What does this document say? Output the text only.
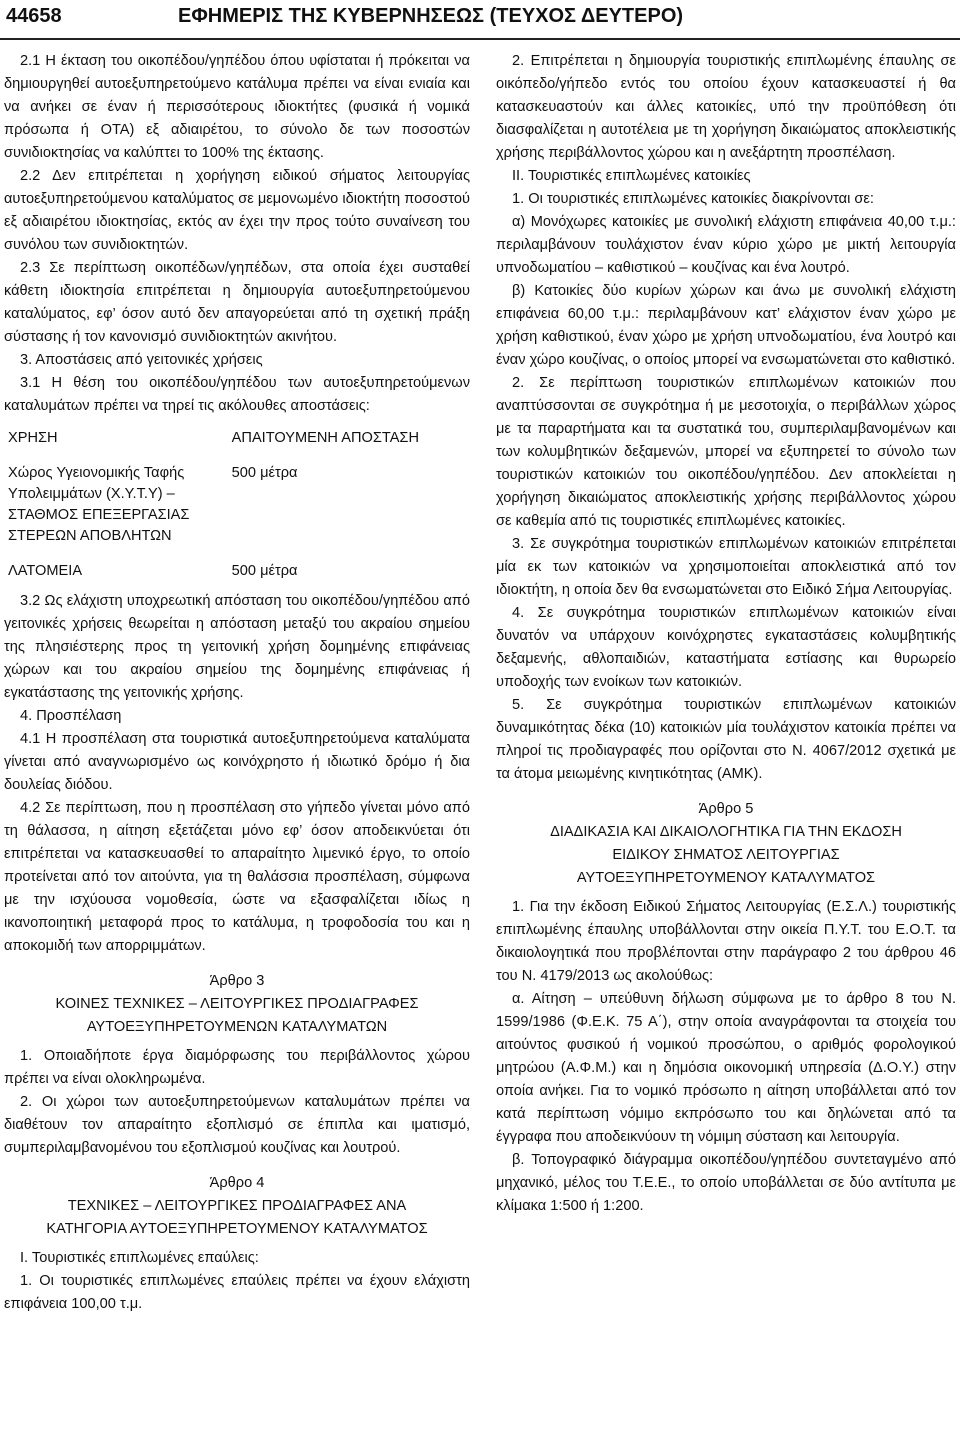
44658	ΕΦΗΜΕΡΙΣ ΤΗΣ ΚΥΒΕΡΝΗΣΕΩΣ (ΤΕΥΧΟΣ ΔΕΥΤΕΡΟ)

2.1 Η έκταση του οικοπέδου/γηπέδου όπου υφίσταται ή πρόκειται να δημιουργηθεί αυτοεξυπηρετούμενο κατάλυμα πρέπει να είναι ενιαία και να ανήκει σε έναν ή περισσότερους ιδιοκτήτες (φυσικά ή νομικά πρόσωπα ή ΟΤΑ) εξ αδιαιρέτου, το σύνολο δε των ποσοστών συνιδιοκτησίας να καλύπτει το 100% της έκτασης.

2.2 Δεν επιτρέπεται η χορήγηση ειδικού σήματος λειτουργίας αυτοεξυπηρετούμενου καταλύματος σε μεμονωμένο ιδιοκτήτη ποσοστού εξ αδιαιρέτου ιδιοκτησίας, εκτός αν έχει την προς τούτο συναίνεση του συνόλου των συνιδιοκτητών.

2.3 Σε περίπτωση οικοπέδων/γηπέδων, στα οποία έχει συσταθεί κάθετη ιδιοκτησία επιτρέπεται η δημιουργία αυτοεξυπηρετούμενου καταλύματος, εφ’ όσον αυτό δεν απαγορεύεται από τη σχετική πράξη σύστασης ή τον κανονισμό συνιδιοκτητών ακινήτου.

3. Αποστάσεις από γειτονικές χρήσεις

3.1 Η θέση του οικοπέδου/γηπέδου των αυτοεξυπηρετούμενων καταλυμάτων πρέπει να τηρεί τις ακόλουθες αποστάσεις:

ΧΡΗΣΗ	ΑΠΑΙΤΟΥΜΕΝΗ ΑΠΟΣΤΑΣΗ
Χώρος Υγειονομικής Ταφής Υπολειμμάτων (Χ.Υ.Τ.Υ) – ΣΤΑΘΜΟΣ ΕΠΕΞΕΡΓΑΣΙΑΣ ΣΤΕΡΕΩΝ ΑΠΟΒΛΗΤΩΝ	500 μέτρα
ΛΑΤΟΜΕΙΑ	500 μέτρα

3.2 Ως ελάχιστη υποχρεωτική απόσταση του οικοπέδου/γηπέδου από γειτονικές χρήσεις θεωρείται η απόσταση μεταξύ του ακραίου σημείου της πλησιέστερης προς τη γειτονική χρήση δομημένης επιφάνειας χώρων και του ακραίου σημείου της δομημένης επιφάνειας ή εγκατάστασης της γειτονικής χρήσης.

4. Προσπέλαση

4.1 Η προσπέλαση στα τουριστικά αυτοεξυπηρετούμενα καταλύματα γίνεται από αναγνωρισμένο ως κοινόχρηστο ή ιδιωτικό δρόμο ή δια δουλείας διόδου.

4.2 Σε περίπτωση, που η προσπέλαση στο γήπεδο γίνεται μόνο από τη θάλασσα, η αίτηση εξετάζεται μόνο εφ’ όσον αποδεικνύεται ότι επιτρέπεται να κατασκευασθεί το απαραίτητο λιμενικό έργο, το οποίο προτείνεται από τον αιτούντα, για τη θαλάσσια προσπέλαση, σύμφωνα με την ισχύουσα νομοθεσία, ώστε να εξασφαλίζεται ιδίως η ικανοποιητική μεταφορά προς το κατάλυμα, η τροφοδοσία του και η αποκομιδή των απορριμμάτων.

Άρθρο 3

ΚΟΙΝΕΣ ΤΕΧΝΙΚΕΣ – ΛΕΙΤΟΥΡΓΙΚΕΣ ΠΡΟΔΙΑΓΡΑΦΕΣ

ΑΥΤΟΕΞΥΠΗΡΕΤΟΥΜΕΝΩΝ ΚΑΤΑΛΥΜΑΤΩΝ

1. Οποιαδήποτε έργα διαμόρφωσης του περιβάλλοντος χώρου πρέπει να είναι ολοκληρωμένα.

2. Οι χώροι των αυτοεξυπηρετούμενων καταλυμάτων πρέπει να διαθέτουν τον απαραίτητο εξοπλισμό σε έπιπλα και ιματισμό, συμπεριλαμβανομένου του εξοπλισμού κουζίνας και λουτρού.

Άρθρο 4

ΤΕΧΝΙΚΕΣ – ΛΕΙΤΟΥΡΓΙΚΕΣ ΠΡΟΔΙΑΓΡΑΦΕΣ ΑΝΑ

ΚΑΤΗΓΟΡΙΑ ΑΥΤΟΕΞΥΠΗΡΕΤΟΥΜΕΝΟΥ ΚΑΤΑΛΥΜΑΤΟΣ

Ι. Τουριστικές επιπλωμένες επαύλεις:

1. Οι τουριστικές επιπλωμένες επαύλεις πρέπει να έχουν ελάχιστη επιφάνεια 100,00 τ.μ.

2. Επιτρέπεται η δημιουργία τουριστικής επιπλωμένης έπαυλης σε οικόπεδο/γήπεδο εντός του οποίου έχουν κατασκευαστεί ή θα κατασκευαστούν και άλλες κατοικίες, υπό την προϋπόθεση ότι διασφαλίζεται η αυτοτέλεια με τη χορήγηση δικαιώματος αποκλειστικής χρήσης περιβάλλοντος χώρου και η ανεξάρτητη προσπέλαση.

ΙΙ. Τουριστικές επιπλωμένες κατοικίες

1. Οι τουριστικές επιπλωμένες κατοικίες διακρίνονται σε:

α) Μονόχωρες κατοικίες με συνολική ελάχιστη επιφάνεια 40,00 τ.μ.: περιλαμβάνουν τουλάχιστον έναν κύριο χώρο με μικτή λειτουργία υπνοδωματίου – καθιστικού – κουζίνας και ένα λουτρό.

β) Κατοικίες δύο κυρίων χώρων και άνω με συνολική ελάχιστη επιφάνεια 60,00 τ.μ.: περιλαμβάνουν κατ’ ελάχιστον έναν χώρο με χρήση καθιστικού, έναν χώρο με χρήση υπνοδωματίου, ένα λουτρό και έναν χώρο κουζίνας, ο οποίος μπορεί να ενσωματώνεται στο καθιστικό.

2. Σε περίπτωση τουριστικών επιπλωμένων κατοικιών που αναπτύσσονται σε συγκρότημα ή με μεσοτοιχία, ο περιβάλλων χώρος με τα παραρτήματα και τα συστατικά του, συμπεριλαμβανομένων και των κολυμβητικών δεξαμενών, μπορεί να εξυπηρετεί το σύνολο των τουριστικών κατοικιών του οικοπέδου/γηπέδου. Δεν αποκλείεται η χορήγηση δικαιώματος αποκλειστικής χρήσης περιβάλλοντος χώρου σε καθεμία από τις τουριστικές επιπλωμένες κατοικίες.

3. Σε συγκρότημα τουριστικών επιπλωμένων κατοικιών επιτρέπεται μία εκ των κατοικιών να χρησιμοποιείται αποκλειστικά από τον ιδιοκτήτη, η οποία δεν θα ενσωματώνεται στο Ειδικό Σήμα Λειτουργίας.

4. Σε συγκρότημα τουριστικών επιπλωμένων κατοικιών είναι δυνατόν να υπάρχουν κοινόχρηστες εγκαταστάσεις κολυμβητικής δεξαμενής, αθλοπαιδιών, καταστήματα εστίασης και θυρωρείο υποδοχής των ενοίκων των κατοικιών.

5. Σε συγκρότημα τουριστικών επιπλωμένων κατοικιών δυναμικότητας δέκα (10) κατοικιών μία τουλάχιστον κατοικία πρέπει να πληροί τις προδιαγραφές που ορίζονται στο Ν. 4067/2012 σχετικά με τα άτομα μειωμένης κινητικότητας (ΑΜΚ).

Άρθρο 5

ΔΙΑΔΙΚΑΣΙΑ ΚΑΙ ΔΙΚΑΙΟΛΟΓΗΤΙΚΑ ΓΙΑ ΤΗΝ ΕΚΔΟΣΗ

ΕΙΔΙΚΟΥ ΣΗΜΑΤΟΣ ΛΕΙΤΟΥΡΓΙΑΣ

ΑΥΤΟΕΞΥΠΗΡΕΤΟΥΜΕΝΟΥ ΚΑΤΑΛΥΜΑΤΟΣ

1. Για την έκδοση Ειδικού Σήματος Λειτουργίας (Ε.Σ.Λ.) τουριστικής επιπλωμένης έπαυλης υποβάλλονται στην οικεία Π.Υ.Τ. του Ε.Ο.Τ. τα δικαιολογητικά που προβλέπονται στην παράγραφο 2 του άρθρου 46 του Ν. 4179/2013 ως ακολούθως:

α. Αίτηση – υπεύθυνη δήλωση σύμφωνα με το άρθρο 8 του Ν. 1599/1986 (Φ.Ε.Κ. 75 Α΄), στην οποία αναγράφονται τα στοιχεία του αιτούντος φυσικού ή νομικού προσώπου, ο αριθμός φορολογικού μητρώου (Α.Φ.Μ.) και η δημόσια οικονομική υπηρεσία (Δ.Ο.Υ.) στην οποία ανήκει. Για το νομικό πρόσωπο η αίτηση υποβάλλεται από τον κατά περίπτωση νόμιμο εκπρόσωπο του και δηλώνεται από τα έγγραφα που αποδεικνύουν τη νόμιμη σύσταση και λειτουργία.

β. Τοπογραφικό διάγραμμα οικοπέδου/γηπέδου συντεταγμένο από μηχανικό, μέλος του Τ.Ε.Ε., το οποίο υποβάλλεται σε δύο αντίτυπα με κλίμακα 1:500 ή 1:200.
